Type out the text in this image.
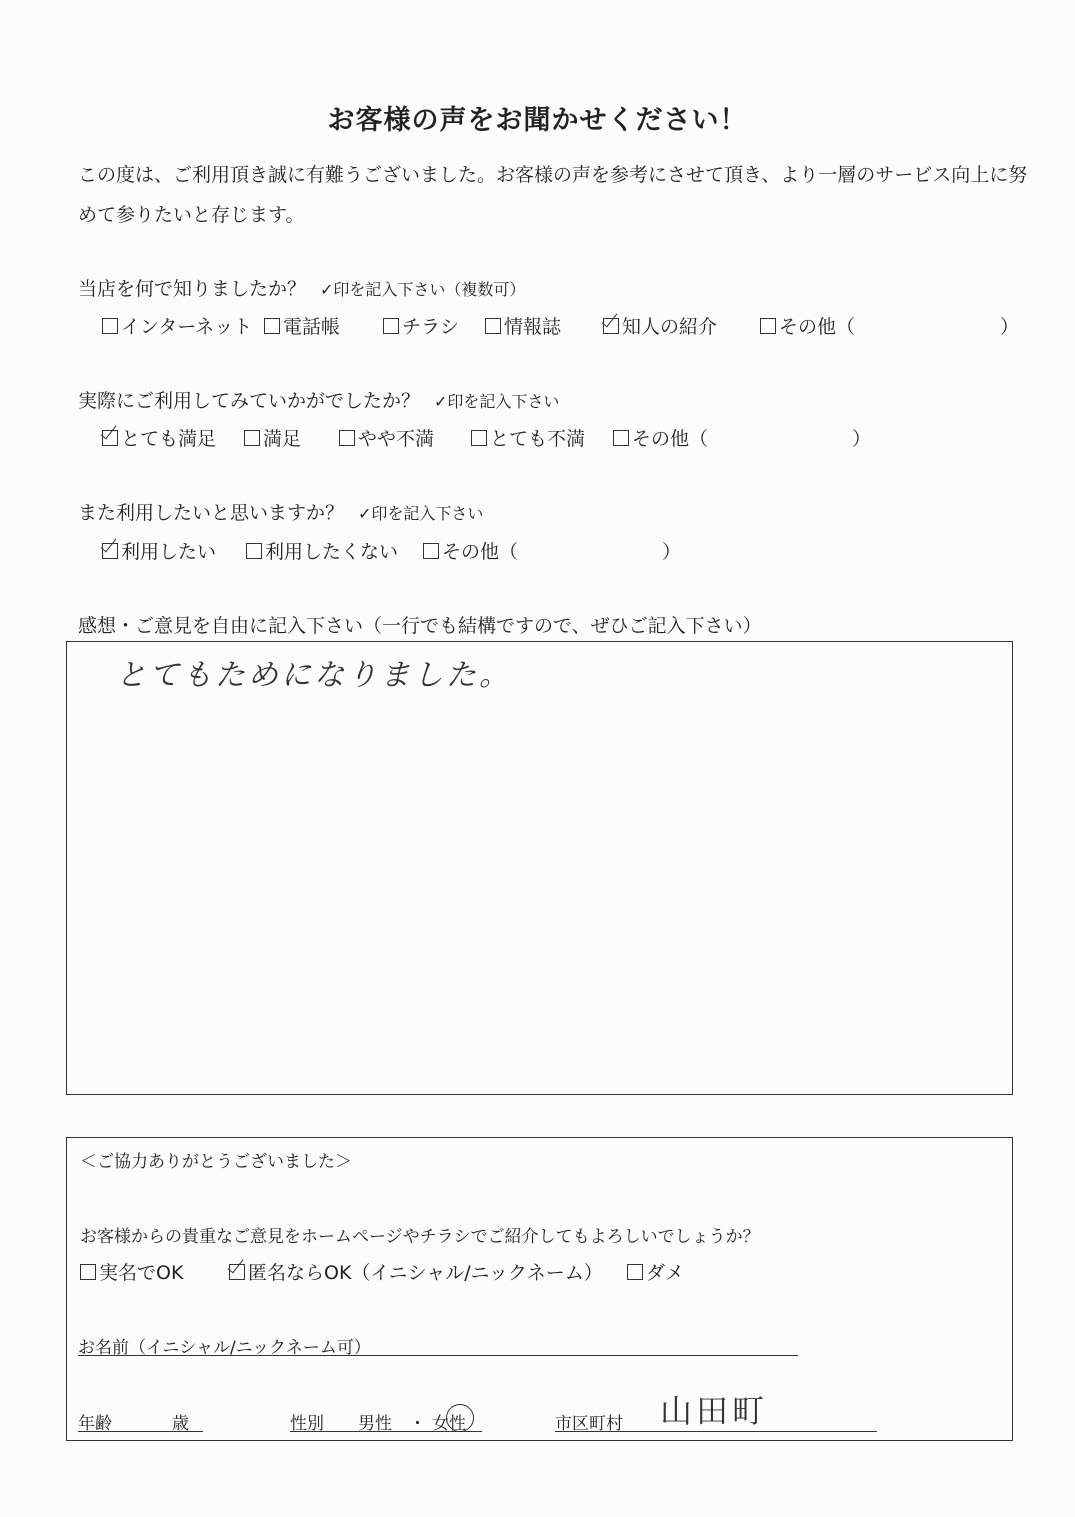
お客様の声をお聞かせください！
この度は、ご利用頂き誠に有難うございました。お客様の声を参考にさせて頂き、より一層のサービス向上に努
めて参りたいと存じます。
当店を何で知りましたか？ ✓印を記入下さい（複数可）
インターネット	電話帳	チラシ	情報誌	知人の紹介	その他（	）
実際にご利用してみていかがでしたか？ ✓印を記入下さい
とても満足	満足	やや不満	とても不満	その他（	）
また利用したいと思いますか？ ✓印を記入下さい
利用したい	利用したくない	その他（	）
感想・ご意見を自由に記入下さい（一行でも結構ですので、ぜひご記入下さい）
とてもためになりました。
＜ご協力ありがとうございました＞
お客様からの貴重なご意見をホームページやチラシでご紹介してもよろしいでしょうか？
実名でOK	匿名ならOK（イニシャル/ニックネーム）	ダメ
お名前（イニシャル/ニックネーム可）
年齢	歳	性別 男性 ・ 女性	市区町村 山田町
